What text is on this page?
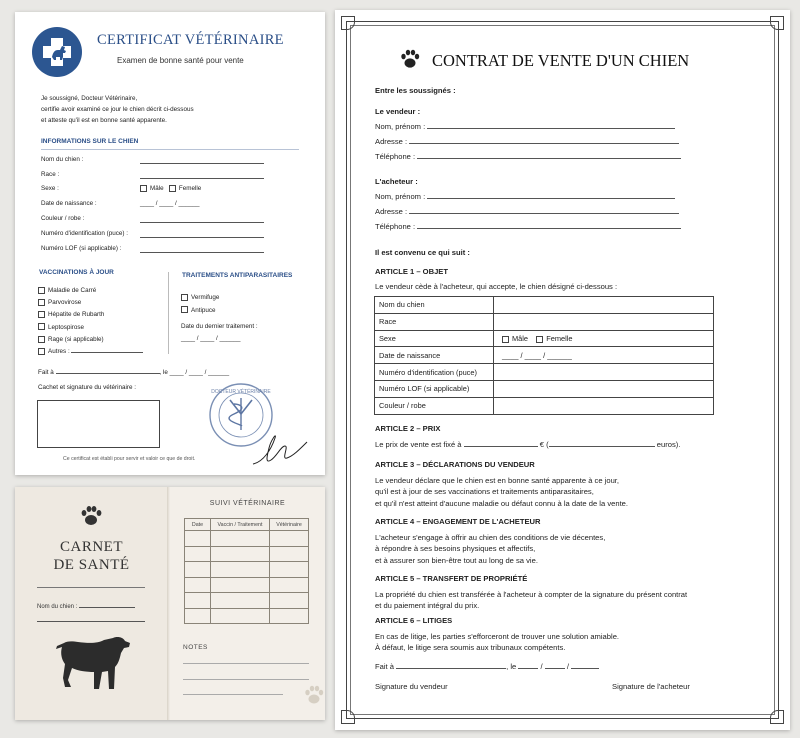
CERTIFICAT VÉTÉRINAIRE
Examen de bonne santé pour vente
Je soussigné, Docteur Vétérinaire,
certifie avoir examiné ce jour le chien décrit ci-dessous
et atteste qu'il est en bonne santé apparente.
INFORMATIONS SUR LE CHIEN
Nom du chien :
Race :
Sexe :	Mâle Femelle
Date de naissance :	____ / ____ / ______
Couleur / robe :
Numéro d'identification (puce) :
Numéro LOF (si applicable) :
VACCINATIONS À JOUR
Maladie de Carré
Parvovirose
Hépatite de Rubarth
Leptospirose
Rage (si applicable)
Autres :
TRAITEMENTS ANTIPARASITAIRES
Vermifuge
Antipuce
Date du dernier traitement :
____ / ____ / ______
Fait à	, le ____ / ____ / ______
Cachet et signature du vétérinaire :
DOCTEUR VÉTÉRINAIRE
Ce certificat est établi pour servir et valoir ce que de droit.
CARNET
DE SANTÉ
Nom du chien :
SUIVI VÉTÉRINAIRE
Date	Vaccin / Traitement	Vétérinaire

NOTES
CONTRAT DE VENTE D'UN CHIEN
Entre les soussignés :
Le vendeur :
Nom, prénom :
Adresse :
Téléphone :
L'acheteur :
Nom, prénom :
Adresse :
Téléphone :
Il est convenu ce qui suit :
ARTICLE 1 – OBJET
Le vendeur cède à l'acheteur, qui accepte, le chien désigné ci-dessous :
Nom du chien	
Race	
Sexe	Mâle Femelle
Date de naissance	____ / ____ / ______
Numéro d'identification (puce)	
Numéro LOF (si applicable)	
Couleur / robe	
ARTICLE 2 – PRIX
Le prix de vente est fixé à	€ (	euros).
ARTICLE 3 – DÉCLARATIONS DU VENDEUR
Le vendeur déclare que le chien est en bonne santé apparente à ce jour,
qu'il est à jour de ses vaccinations et traitements antiparasitaires,
et qu'il n'est atteint d'aucune maladie ou défaut connu à la date de la vente.
ARTICLE 4 – ENGAGEMENT DE L'ACHETEUR
L'acheteur s'engage à offrir au chien des conditions de vie décentes,
à répondre à ses besoins physiques et affectifs,
et à assurer son bien-être tout au long de sa vie.
ARTICLE 5 – TRANSFERT DE PROPRIÉTÉ
La propriété du chien est transférée à l'acheteur à compter de la signature du présent contrat
et du paiement intégral du prix.
ARTICLE 6 – LITIGES
En cas de litige, les parties s'efforceront de trouver une solution amiable.
À défaut, le litige sera soumis aux tribunaux compétents.
Fait à	, le	/	/
Signature du vendeur	Signature de l'acheteur
